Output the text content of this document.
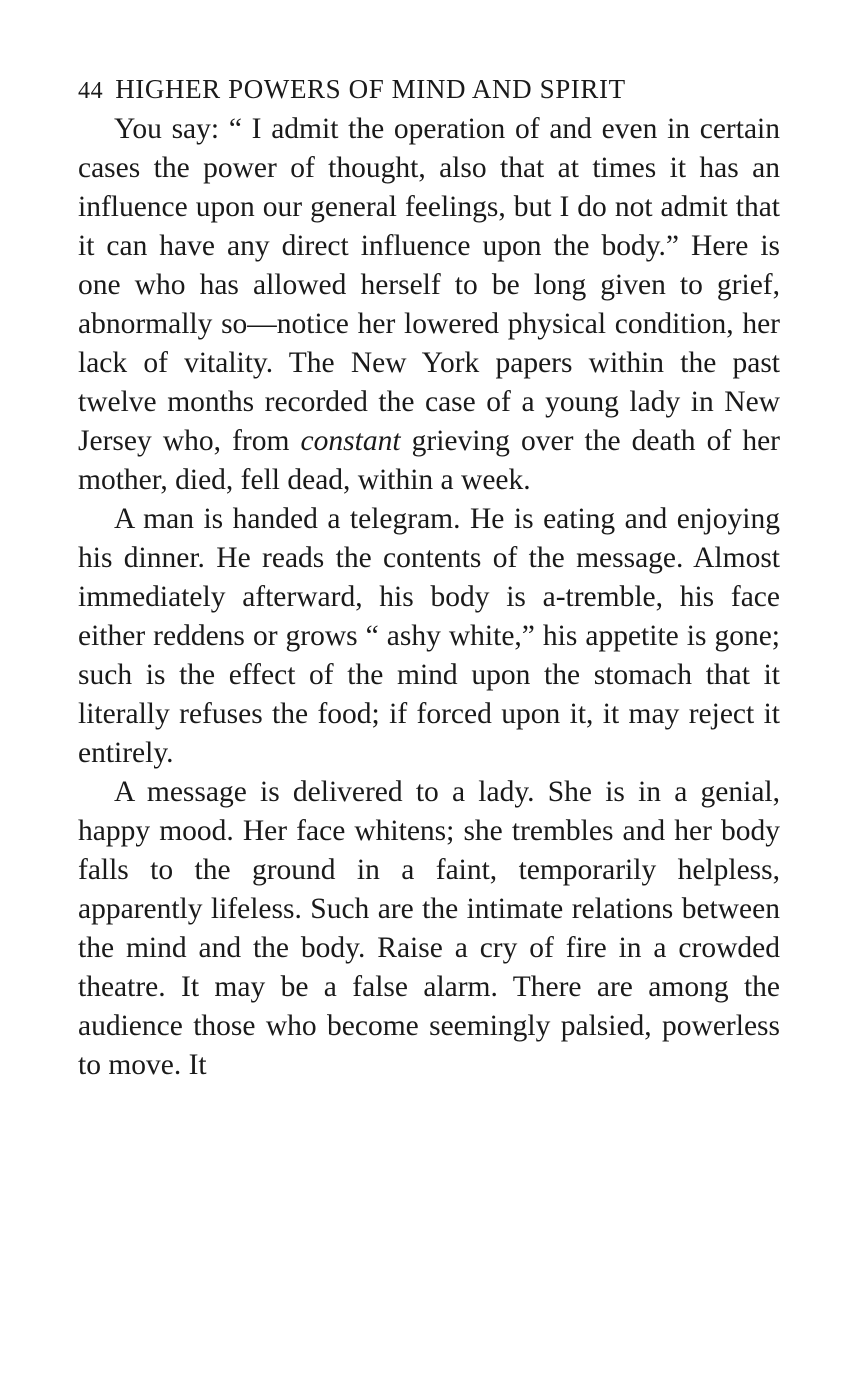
44 HIGHER POWERS OF MIND AND SPIRIT

You say: “ I admit the operation of and even in certain cases the power of thought, also that at times it has an influence upon our general feelings, but I do not admit that it can have any direct influence upon the body.” Here is one who has allowed herself to be long given to grief, abnormally so—notice her lowered physical condition, her lack of vitality. The New York papers within the past twelve months recorded the case of a young lady in New Jersey who, from constant grieving over the death of her mother, died, fell dead, within a week.

A man is handed a telegram. He is eating and enjoying his dinner. He reads the contents of the message. Almost immediately afterward, his body is a-tremble, his face either reddens or grows “ ashy white,” his appetite is gone; such is the effect of the mind upon the stomach that it literally refuses the food; if forced upon it, it may reject it entirely.

A message is delivered to a lady. She is in a genial, happy mood. Her face whitens; she trembles and her body falls to the ground in a faint, temporarily helpless, apparently lifeless. Such are the intimate relations between the mind and the body. Raise a cry of fire in a crowded theatre. It may be a false alarm. There are among the audience those who become seemingly palsied, powerless to move. It
